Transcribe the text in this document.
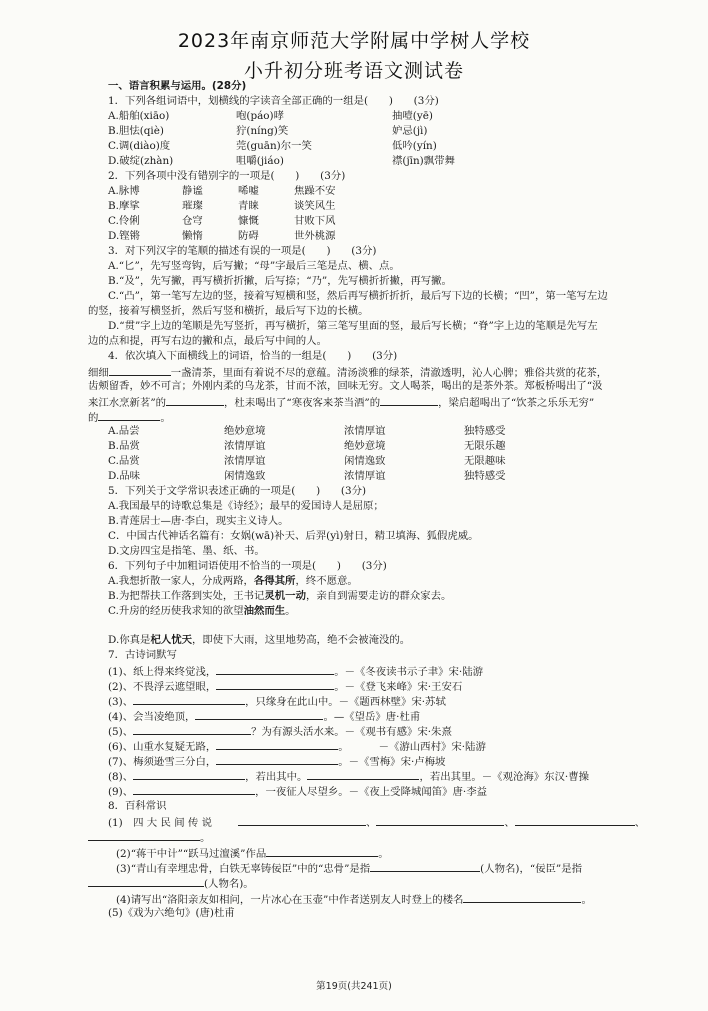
2023年南京师范大学附属中学树人学校
小升初分班考语文测试卷
一、语言积累与运用。(28分)
1．下列各组词语中，划横线的字读音全部正确的一组是(　　)　　(3分)
A.船舶(xiāo)	咆(páo)哮	抽噎(yē)
B.胆怯(qiè)	狞(níng)笑	妒忌(jì)
C.调(diào)度	莞(guān)尔一笑	低吟(yín)
D.破绽(zhàn)	咀嚼(jiáo)	襟(jīn)飘带舞
2．下列各项中没有错别字的一项是(　　)　　(3分)
A.脉博	静谧	唏嘘	焦躁不安
B.摩挲	璀璨	青睐	谈笑风生
C.伶俐	仓穹	慷慨	甘败下风
D.铿锵	懒惰	防碍	世外桃源
3．对下列汉字的笔顺的描述有误的一项是(　　)　　(3分)
A.“匕”，先写竖弯钩，后写撇；“母”字最后三笔是点、横、点。
B.“及”，先写撇，再写横折折撇，后写捺；“乃”，先写横折折撇，再写撇。
C.“凸”，第一笔写左边的竖，接着写短横和竖，然后再写横折折折，最后写下边的长横；“凹”，第一笔写左边
的竖，接着写横竖折，然后写竖和横折，最后写下边的长横。
D.“贯”字上边的笔顺是先写竖折，再写横折，第三笔写里面的竖，最后写长横；“脊”字上边的笔顺是先写左
边的点和提，再写右边的撇和点，最后写中间的人。
4．依次填入下面横线上的词语，恰当的一组是(　　)　　(3分)
细细	一盏清茶，里面有着说不尽的意蕴。清汤淡雅的绿茶，清澈透明，沁人心脾；雅俗共赏的花茶，
齿颊留香，妙不可言；外刚内柔的乌龙茶，甘而不浓，回味无穷。文人喝茶，喝出的是茶外茶。郑板桥喝出了“汲
来江水烹新茗”的	，杜耒喝出了“寒夜客来茶当酒”的	，梁启超喝出了“饮茶之乐乐无穷”
的	。
A.品尝	绝妙意境	浓情厚谊	独特感受
B.品赏	浓情厚谊	绝妙意境	无限乐趣
C.品赏	浓情厚谊	闲情逸致	无限趣味
D.品味	闲情逸致	浓情厚谊	独特感受
5．下列关于文学常识表述正确的一项是(　　)　　(3分)
A.我国最早的诗歌总集是《诗经》；最早的爱国诗人是屈原；
B.青莲居士—唐·李白，现实主义诗人。
C．中国古代神话名篇有：女娲(wā)补天、后羿(yì)射日，精卫填海、狐假虎威。
D.文房四宝是指笔、墨、纸、书。
6．下列句子中加粗词语使用不恰当的一项是(　　)　　(3分)
A.我想折散一家人，分成两路，各得其所，终不愿意。
B.为把帮扶工作落到实处，王书记灵机一动，亲自到需要走访的群众家去。
C.升房的经历使我求知的欲望油然而生。
D.你真是杞人忧天，即使下大雨，这里地势高，绝不会被淹没的。
7．古诗词默写
(1)、纸上得来终觉浅，	。－《冬夜读书示子聿》宋·陆游
(2)、不畏浮云遮望眼，	。－《登飞来峰》宋·王安石
(3)、	，只缘身在此山中。－《题西林壁》宋·苏轼
(4)、会当凌绝顶，	。—《望岳》唐·杜甫
(5)、	？为有源头活水来。－《观书有感》宋·朱熹
(6)、山重水复疑无路，	。	－《游山西村》宋·陆游
(7)、梅须逊雪三分白，	。－《雪梅》宋·卢梅坡
(8)、	，若出其中。	，若出其里。－《观沧海》东汉·曹操
(9)、	，一夜征人尽望乡。－《夜上受降城闻笛》唐·李益
8．百科常识
(1)　四 大 民 间 传 说	、	、	、
。
(2)“蒋干中计”“跃马过澶溪”作品	。
(3)“青山有幸埋忠骨，白铁无辜铸佞臣”中的“忠骨”是指	(人物名)，“佞臣”是指
(人物名)。
(4)请写出“洛阳亲友如相问，一片冰心在玉壶”中作者送别友人时登上的楼名	。
(5)《戏为六绝句》(唐)杜甫
第19页(共241页)
